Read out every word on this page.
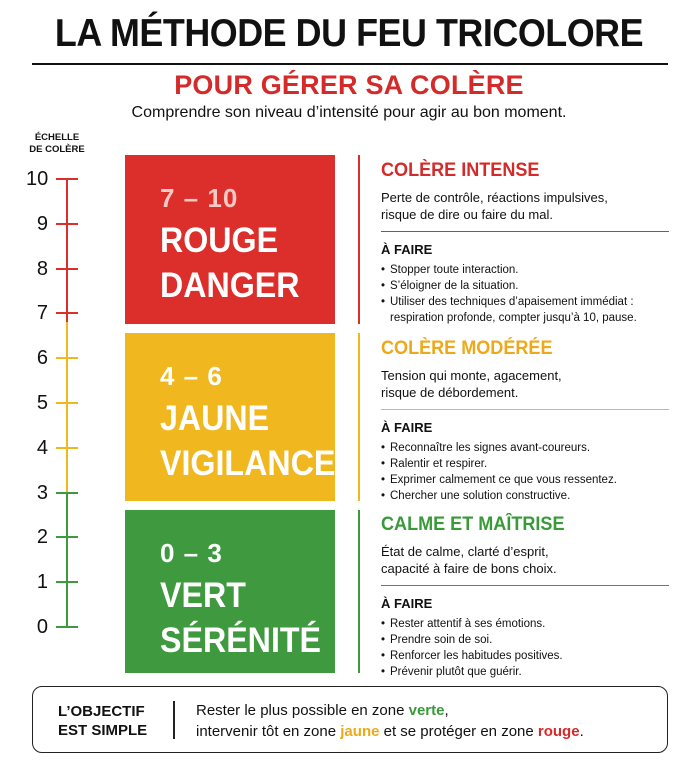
LA MÉTHODE DU FEU TRICOLORE
POUR GÉRER SA COLÈRE
Comprendre son niveau d’intensité pour agir au bon moment.
ÉCHELLE
DE COLÈRE
10
9
8
7
6
5
4
3
2
1
0
7 – 10
ROUGE
DANGER
4 – 6
JAUNE
VIGILANCE
0 – 3
VERT
SÉRÉNITÉ
COLÈRE INTENSE
Perte de contrôle, réactions impulsives,
risque de dire ou faire du mal.
À FAIRE
• Stopper toute interaction.
• S’éloigner de la situation.
• Utiliser des techniques d’apaisement immédiat :
respiration profonde, compter jusqu’à 10, pause.
COLÈRE MODÉRÉE
Tension qui monte, agacement,
risque de débordement.
À FAIRE
• Reconnaître les signes avant-coureurs.
• Ralentir et respirer.
• Exprimer calmement ce que vous ressentez.
• Chercher une solution constructive.
CALME ET MAÎTRISE
État de calme, clarté d’esprit,
capacité à faire de bons choix.
À FAIRE
• Rester attentif à ses émotions.
• Prendre soin de soi.
• Renforcer les habitudes positives.
• Prévenir plutôt que guérir.
L’OBJECTIF
EST SIMPLE
Rester le plus possible en zone verte,
intervenir tôt en zone jaune et se protéger en zone rouge.
